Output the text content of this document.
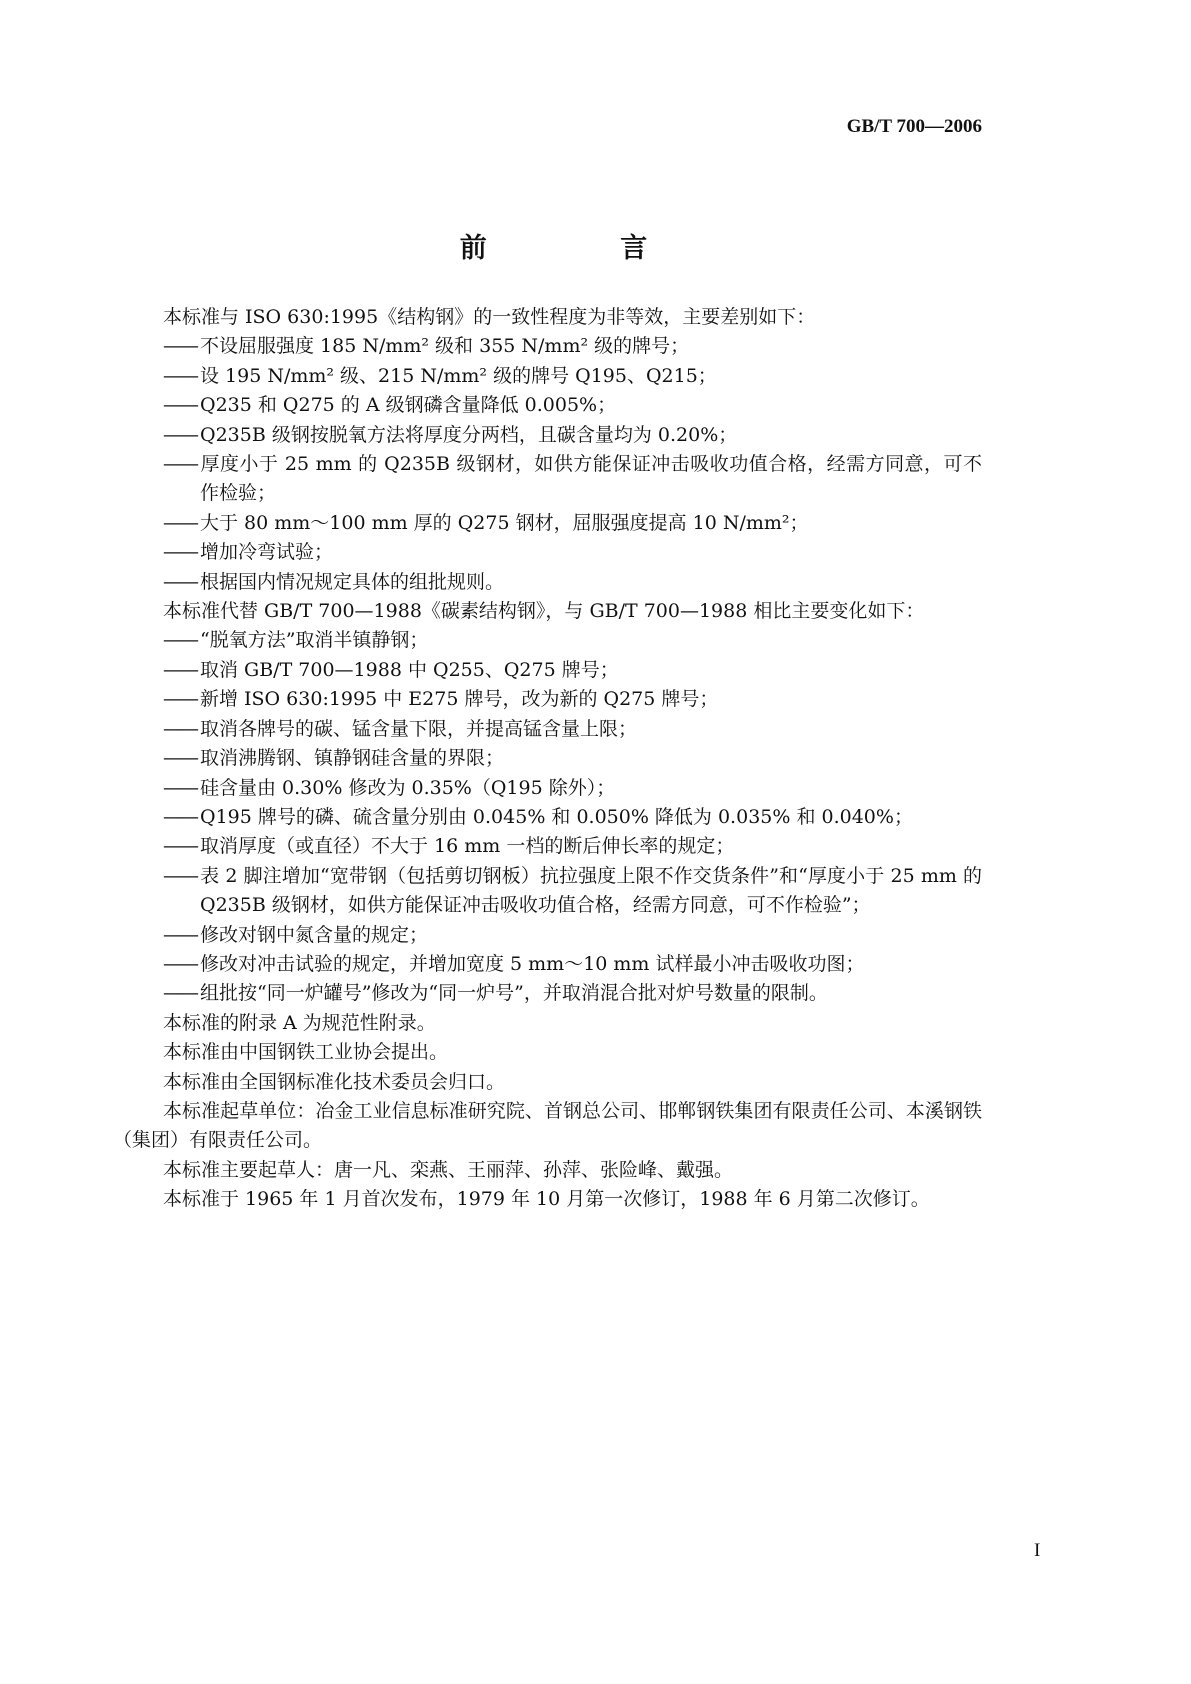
GB/T 700—2006
前 言
本标准与 ISO 630:1995《结构钢》的一致性程度为非等效，主要差别如下：
—— 不设屈服强度 185 N/mm² 级和 355 N/mm² 级的牌号；
—— 设 195 N/mm² 级、215 N/mm² 级的牌号 Q195、Q215；
—— Q235 和 Q275 的 A 级钢磷含量降低 0.005%；
—— Q235B 级钢按脱氧方法将厚度分两档，且碳含量均为 0.20%；
—— 厚度小于 25 mm 的 Q235B 级钢材，如供方能保证冲击吸收功值合格，经需方同意，可不作检验；
—— 大于 80 mm～100 mm 厚的 Q275 钢材，屈服强度提高 10 N/mm²；
—— 增加冷弯试验；
—— 根据国内情况规定具体的组批规则。
本标准代替 GB/T 700—1988《碳素结构钢》，与 GB/T 700—1988 相比主要变化如下：
—— “脱氧方法”取消半镇静钢；
—— 取消 GB/T 700—1988 中 Q255、Q275 牌号；
—— 新增 ISO 630:1995 中 E275 牌号，改为新的 Q275 牌号；
—— 取消各牌号的碳、锰含量下限，并提高锰含量上限；
—— 取消沸腾钢、镇静钢硅含量的界限；
—— 硅含量由 0.30% 修改为 0.35%（Q195 除外）；
—— Q195 牌号的磷、硫含量分别由 0.045% 和 0.050% 降低为 0.035% 和 0.040%；
—— 取消厚度（或直径）不大于 16 mm 一档的断后伸长率的规定；
—— 表 2 脚注增加“宽带钢（包括剪切钢板）抗拉强度上限不作交货条件”和“厚度小于 25 mm 的 Q235B 级钢材，如供方能保证冲击吸收功值合格，经需方同意，可不作检验”；
—— 修改对钢中氮含量的规定；
—— 修改对冲击试验的规定，并增加宽度 5 mm～10 mm 试样最小冲击吸收功图；
—— 组批按“同一炉罐号”修改为“同一炉号”，并取消混合批对炉号数量的限制。
本标准的附录 A 为规范性附录。
本标准由中国钢铁工业协会提出。
本标准由全国钢标准化技术委员会归口。
本标准起草单位：冶金工业信息标准研究院、首钢总公司、邯郸钢铁集团有限责任公司、本溪钢铁（集团）有限责任公司。
本标准主要起草人：唐一凡、栾燕、王丽萍、孙萍、张险峰、戴强。
本标准于 1965 年 1 月首次发布，1979 年 10 月第一次修订，1988 年 6 月第二次修订。
I
